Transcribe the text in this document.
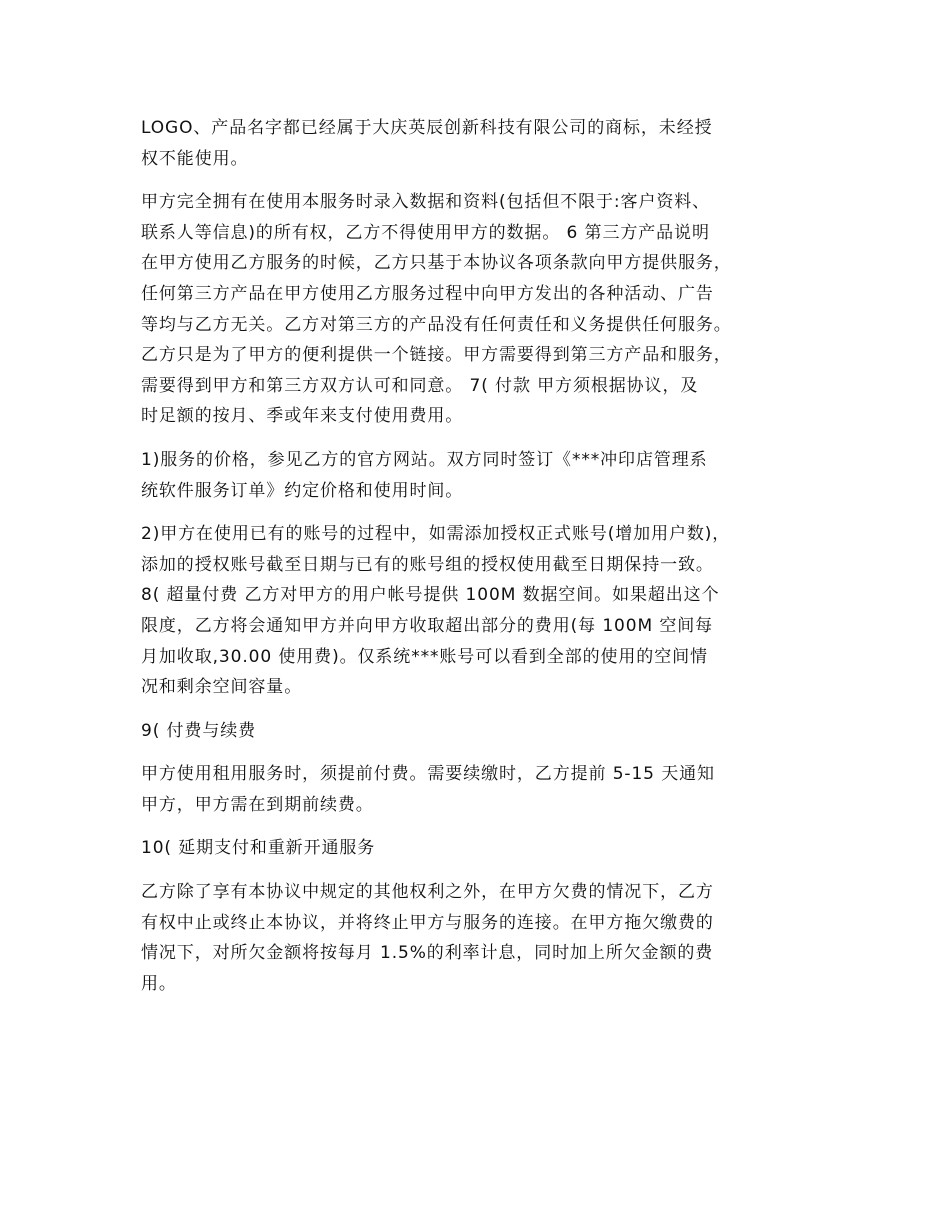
LOGO、产品名字都已经属于大庆英辰创新科技有限公司的商标，未经授
权不能使用。

甲方完全拥有在使用本服务时录入数据和资料(包括但不限于:客户资料、
联系人等信息)的所有权，乙方不得使用甲方的数据。 6 第三方产品说明
在甲方使用乙方服务的时候，乙方只基于本协议各项条款向甲方提供服务，
任何第三方产品在甲方使用乙方服务过程中向甲方发出的各种活动、广告
等均与乙方无关。乙方对第三方的产品没有任何责任和义务提供任何服务。
乙方只是为了甲方的便利提供一个链接。甲方需要得到第三方产品和服务，
需要得到甲方和第三方双方认可和同意。 7( 付款 甲方须根据协议，及
时足额的按月、季或年来支付使用费用。

1)服务的价格，参见乙方的官方网站。双方同时签订《***冲印店管理系
统软件服务订单》约定价格和使用时间。

2)甲方在使用已有的账号的过程中，如需添加授权正式账号(增加用户数)，
添加的授权账号截至日期与已有的账号组的授权使用截至日期保持一致。
8( 超量付费 乙方对甲方的用户帐号提供 100M 数据空间。如果超出这个
限度，乙方将会通知甲方并向甲方收取超出部分的费用(每 100M 空间每
月加收取,30.00 使用费)。仅系统***账号可以看到全部的使用的空间情
况和剩余空间容量。

9( 付费与续费

甲方使用租用服务时，须提前付费。需要续缴时，乙方提前 5-15 天通知
甲方，甲方需在到期前续费。

10( 延期支付和重新开通服务

乙方除了享有本协议中规定的其他权利之外，在甲方欠费的情况下，乙方
有权中止或终止本协议，并将终止甲方与服务的连接。在甲方拖欠缴费的
情况下，对所欠金额将按每月 1.5%的利率计息，同时加上所欠金额的费
用。
